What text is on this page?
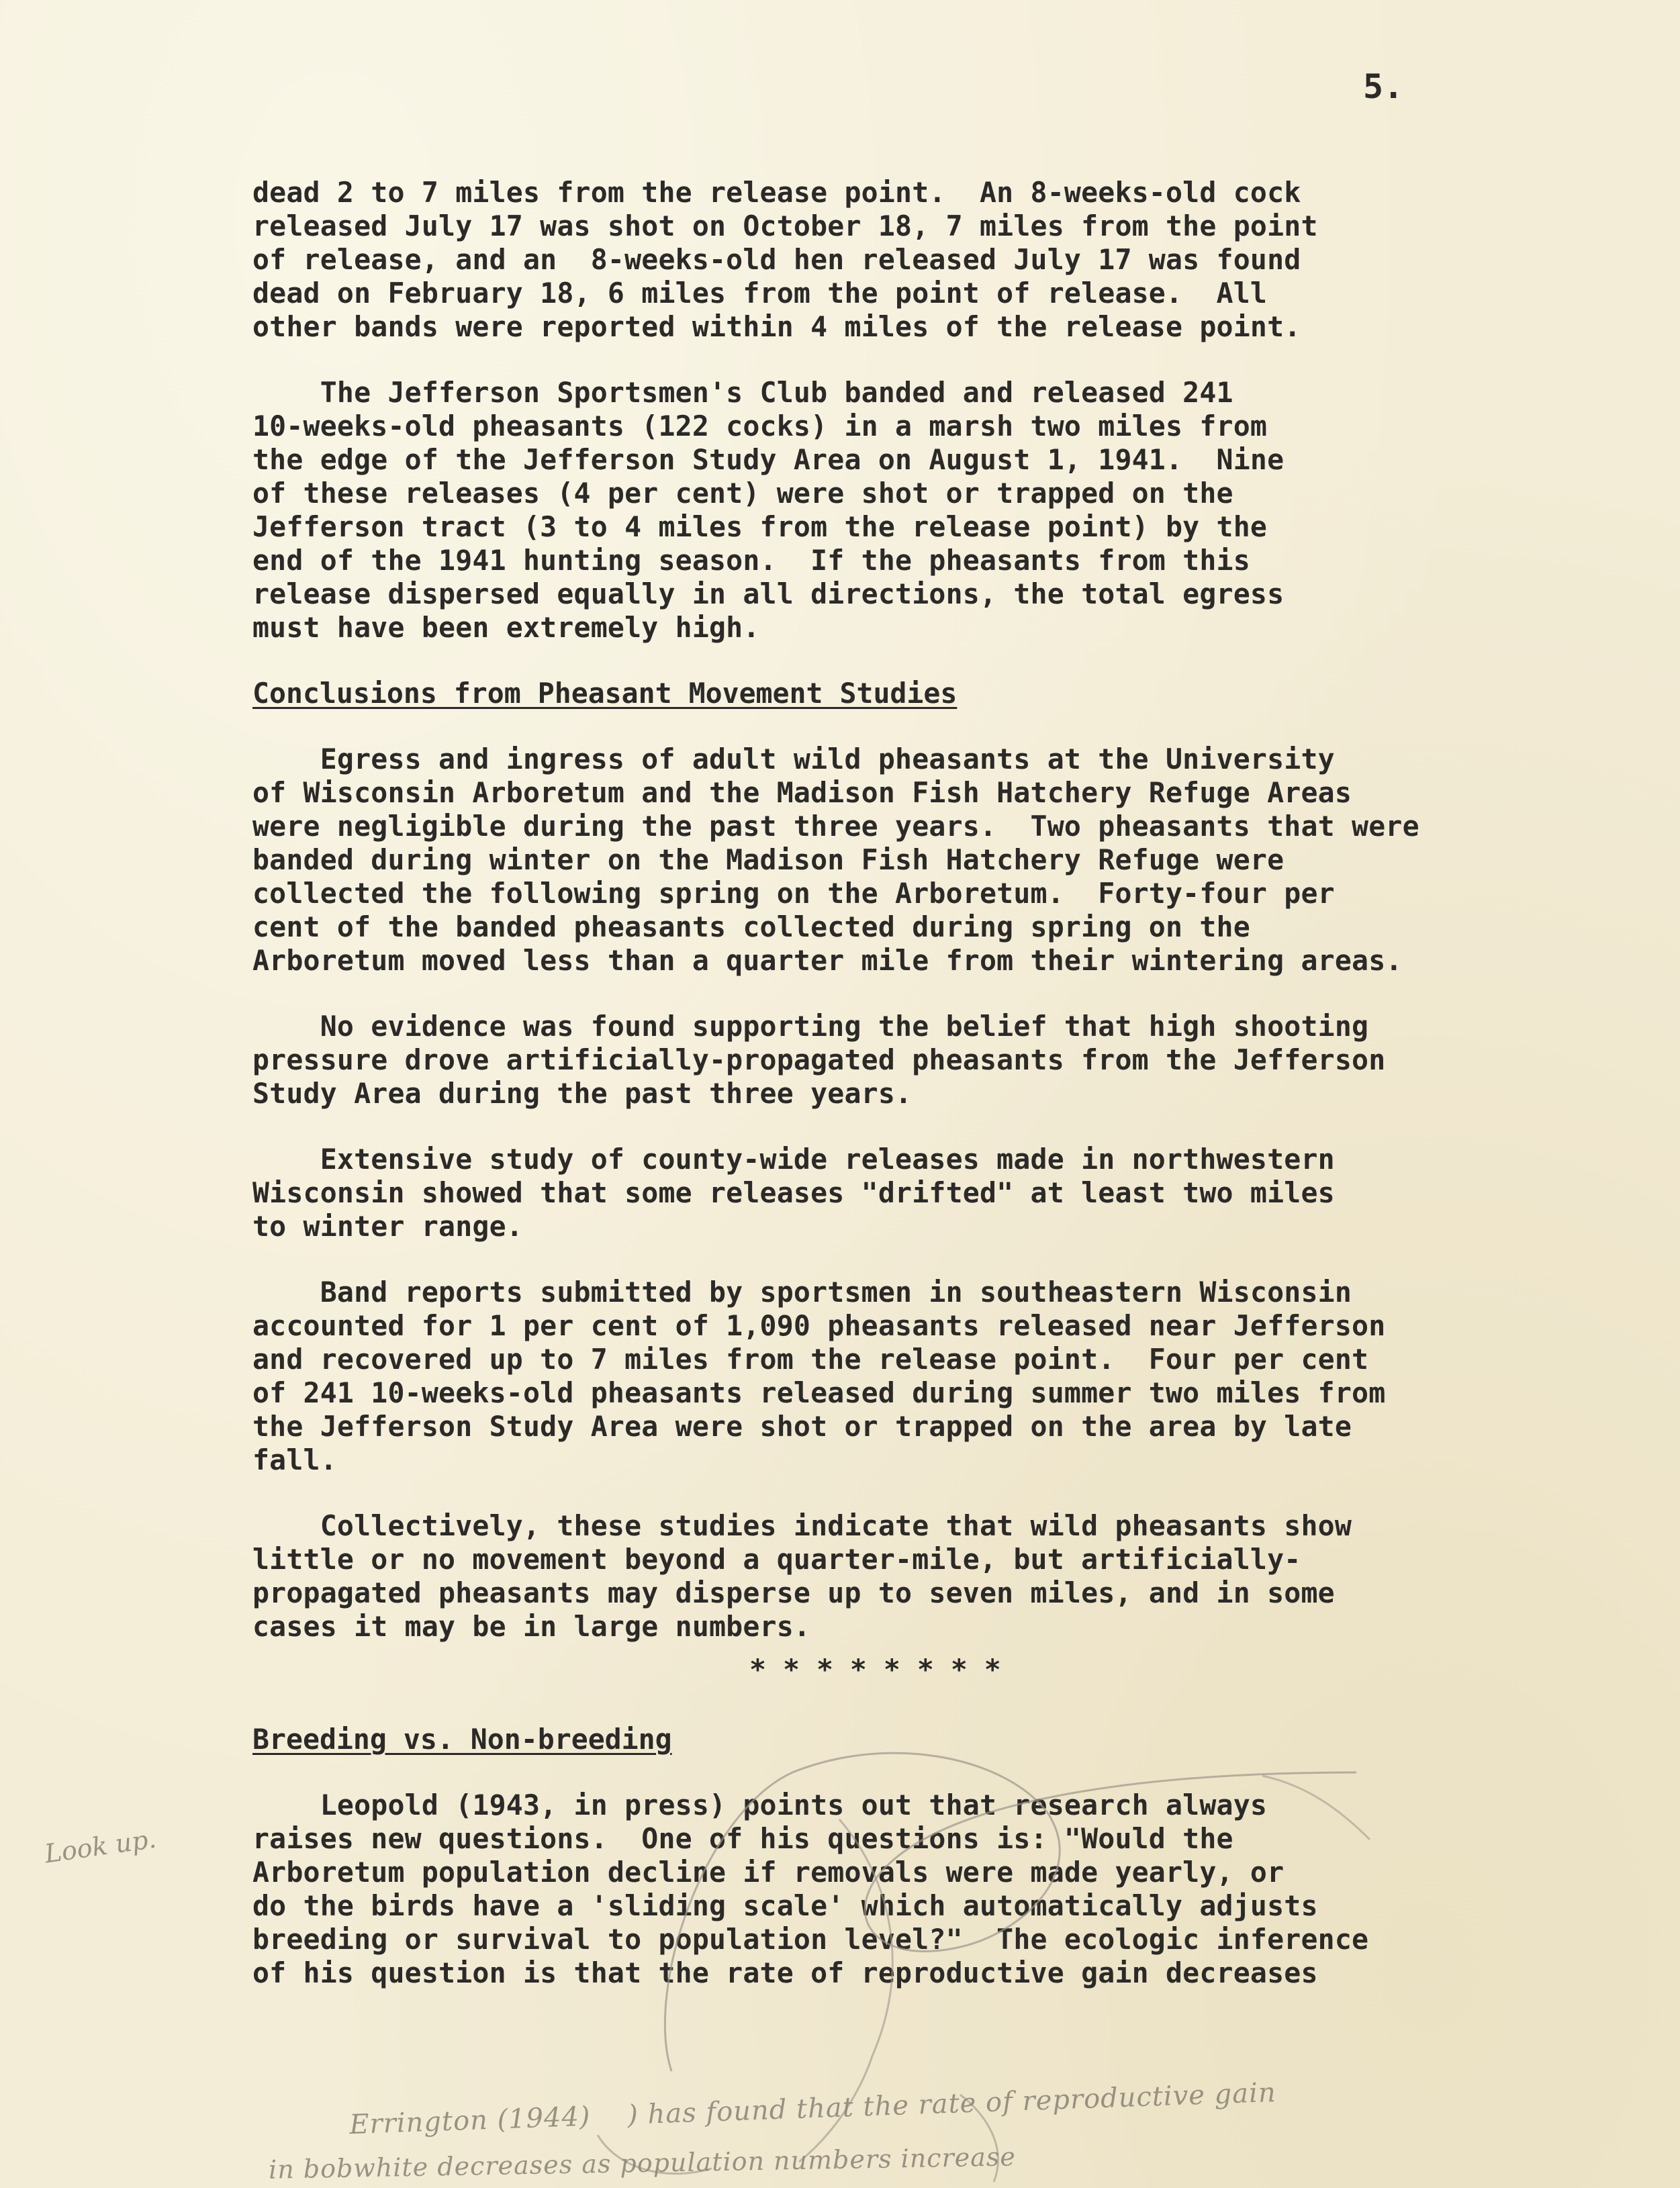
5.
dead 2 to 7 miles from the release point.  An 8-weeks-old cock
released July 17 was shot on October 18, 7 miles from the point
of release, and an  8-weeks-old hen released July 17 was found
dead on February 18, 6 miles from the point of release.  All
other bands were reported within 4 miles of the release point.
The Jefferson Sportsmen's Club banded and released 241
10-weeks-old pheasants (122 cocks) in a marsh two miles from
the edge of the Jefferson Study Area on August 1, 1941.  Nine
of these releases (4 per cent) were shot or trapped on the
Jefferson tract (3 to 4 miles from the release point) by the
end of the 1941 hunting season.  If the pheasants from this
release dispersed equally in all directions, the total egress
must have been extremely high.
Conclusions from Pheasant Movement Studies
Egress and ingress of adult wild pheasants at the University
of Wisconsin Arboretum and the Madison Fish Hatchery Refuge Areas
were negligible during the past three years.  Two pheasants that were
banded during winter on the Madison Fish Hatchery Refuge were
collected the following spring on the Arboretum.  Forty-four per
cent of the banded pheasants collected during spring on the
Arboretum moved less than a quarter mile from their wintering areas.
No evidence was found supporting the belief that high shooting
pressure drove artificially-propagated pheasants from the Jefferson
Study Area during the past three years.
Extensive study of county-wide releases made in northwestern
Wisconsin showed that some releases "drifted" at least two miles
to winter range.
Band reports submitted by sportsmen in southeastern Wisconsin
accounted for 1 per cent of 1,090 pheasants released near Jefferson
and recovered up to 7 miles from the release point.  Four per cent
of 241 10-weeks-old pheasants released during summer two miles from
the Jefferson Study Area were shot or trapped on the area by late
fall.
Collectively, these studies indicate that wild pheasants show
little or no movement beyond a quarter-mile, but artificially-
propagated pheasants may disperse up to seven miles, and in some
cases it may be in large numbers.
* * * * * * * *
Breeding vs. Non-breeding
Leopold (1943, in press) points out that research always
raises new questions.  One of his questions is: "Would the
Arboretum population decline if removals were made yearly, or
do the birds have a 'sliding scale' which automatically adjusts
breeding or survival to population level?"  The ecologic inference
of his question is that the rate of reproductive gain decreases
Look up.
Errington (1944)    ) has found that the rate of reproductive gain
in bobwhite decreases as population numbers increase
